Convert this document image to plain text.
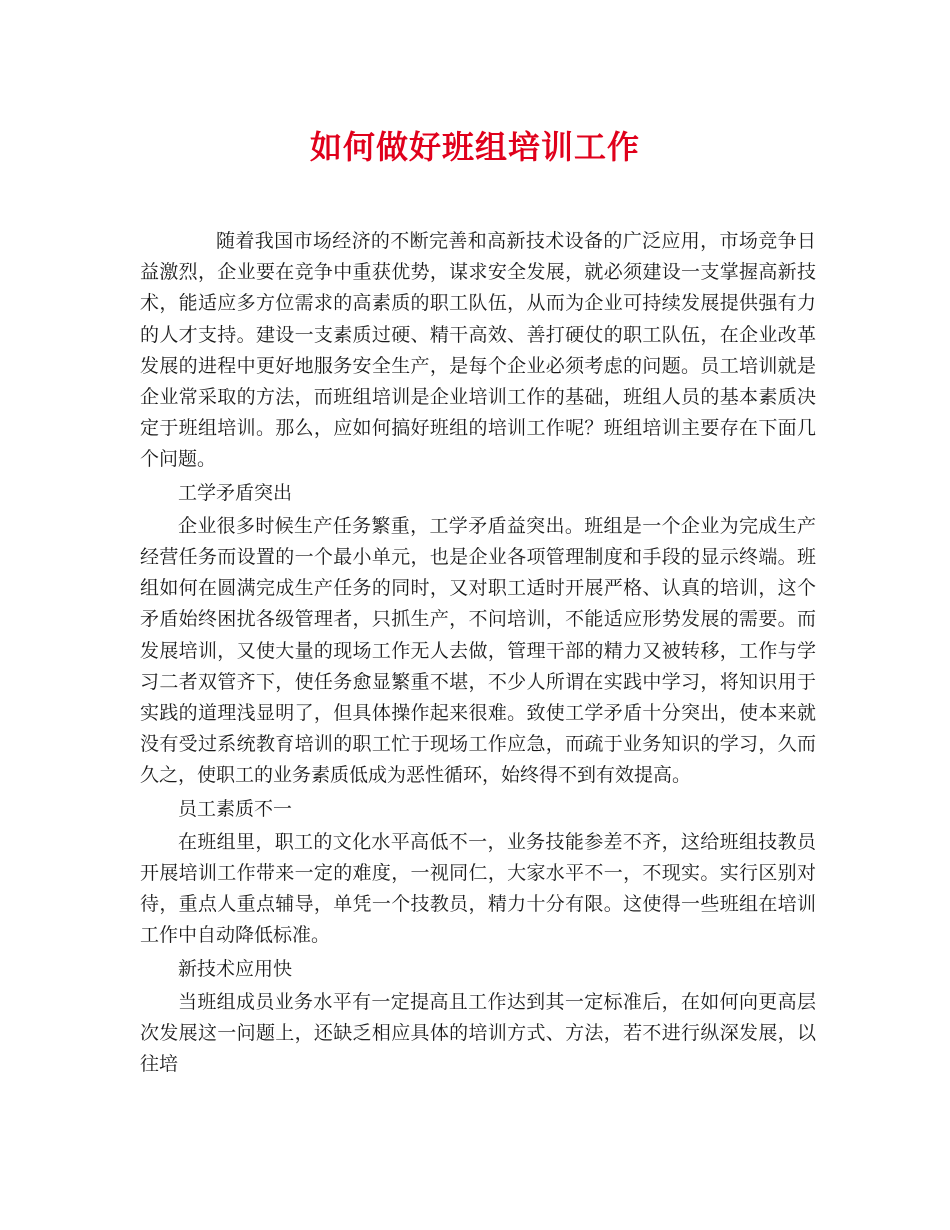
如何做好班组培训工作

随着我国市场经济的不断完善和高新技术设备的广泛应用，市场竞争日益激烈，企业要在竞争中重获优势，谋求安全发展，就必须建设一支掌握高新技术，能适应多方位需求的高素质的职工队伍，从而为企业可持续发展提供强有力的人才支持。建设一支素质过硬、精干高效、善打硬仗的职工队伍，在企业改革发展的进程中更好地服务安全生产，是每个企业必须考虑的问题。员工培训就是企业常采取的方法，而班组培训是企业培训工作的基础，班组人员的基本素质决定于班组培训。那么，应如何搞好班组的培训工作呢？班组培训主要存在下面几个问题。

工学矛盾突出

企业很多时候生产任务繁重，工学矛盾益突出。班组是一个企业为完成生产经营任务而设置的一个最小单元，也是企业各项管理制度和手段的显示终端。班组如何在圆满完成生产任务的同时，又对职工适时开展严格、认真的培训，这个矛盾始终困扰各级管理者，只抓生产，不问培训，不能适应形势发展的需要。而发展培训，又使大量的现场工作无人去做，管理干部的精力又被转移，工作与学习二者双管齐下，使任务愈显繁重不堪，不少人所谓在实践中学习，将知识用于实践的道理浅显明了，但具体操作起来很难。致使工学矛盾十分突出，使本来就没有受过系统教育培训的职工忙于现场工作应急，而疏于业务知识的学习，久而久之，使职工的业务素质低成为恶性循环，始终得不到有效提高。

员工素质不一

在班组里，职工的文化水平高低不一，业务技能参差不齐，这给班组技教员开展培训工作带来一定的难度，一视同仁，大家水平不一，不现实。实行区别对待，重点人重点辅导，单凭一个技教员，精力十分有限。这使得一些班组在培训工作中自动降低标准。

新技术应用快

当班组成员业务水平有一定提高且工作达到其一定标准后，在如何向更高层次发展这一问题上，还缺乏相应具体的培训方式、方法，若不进行纵深发展，以往培
